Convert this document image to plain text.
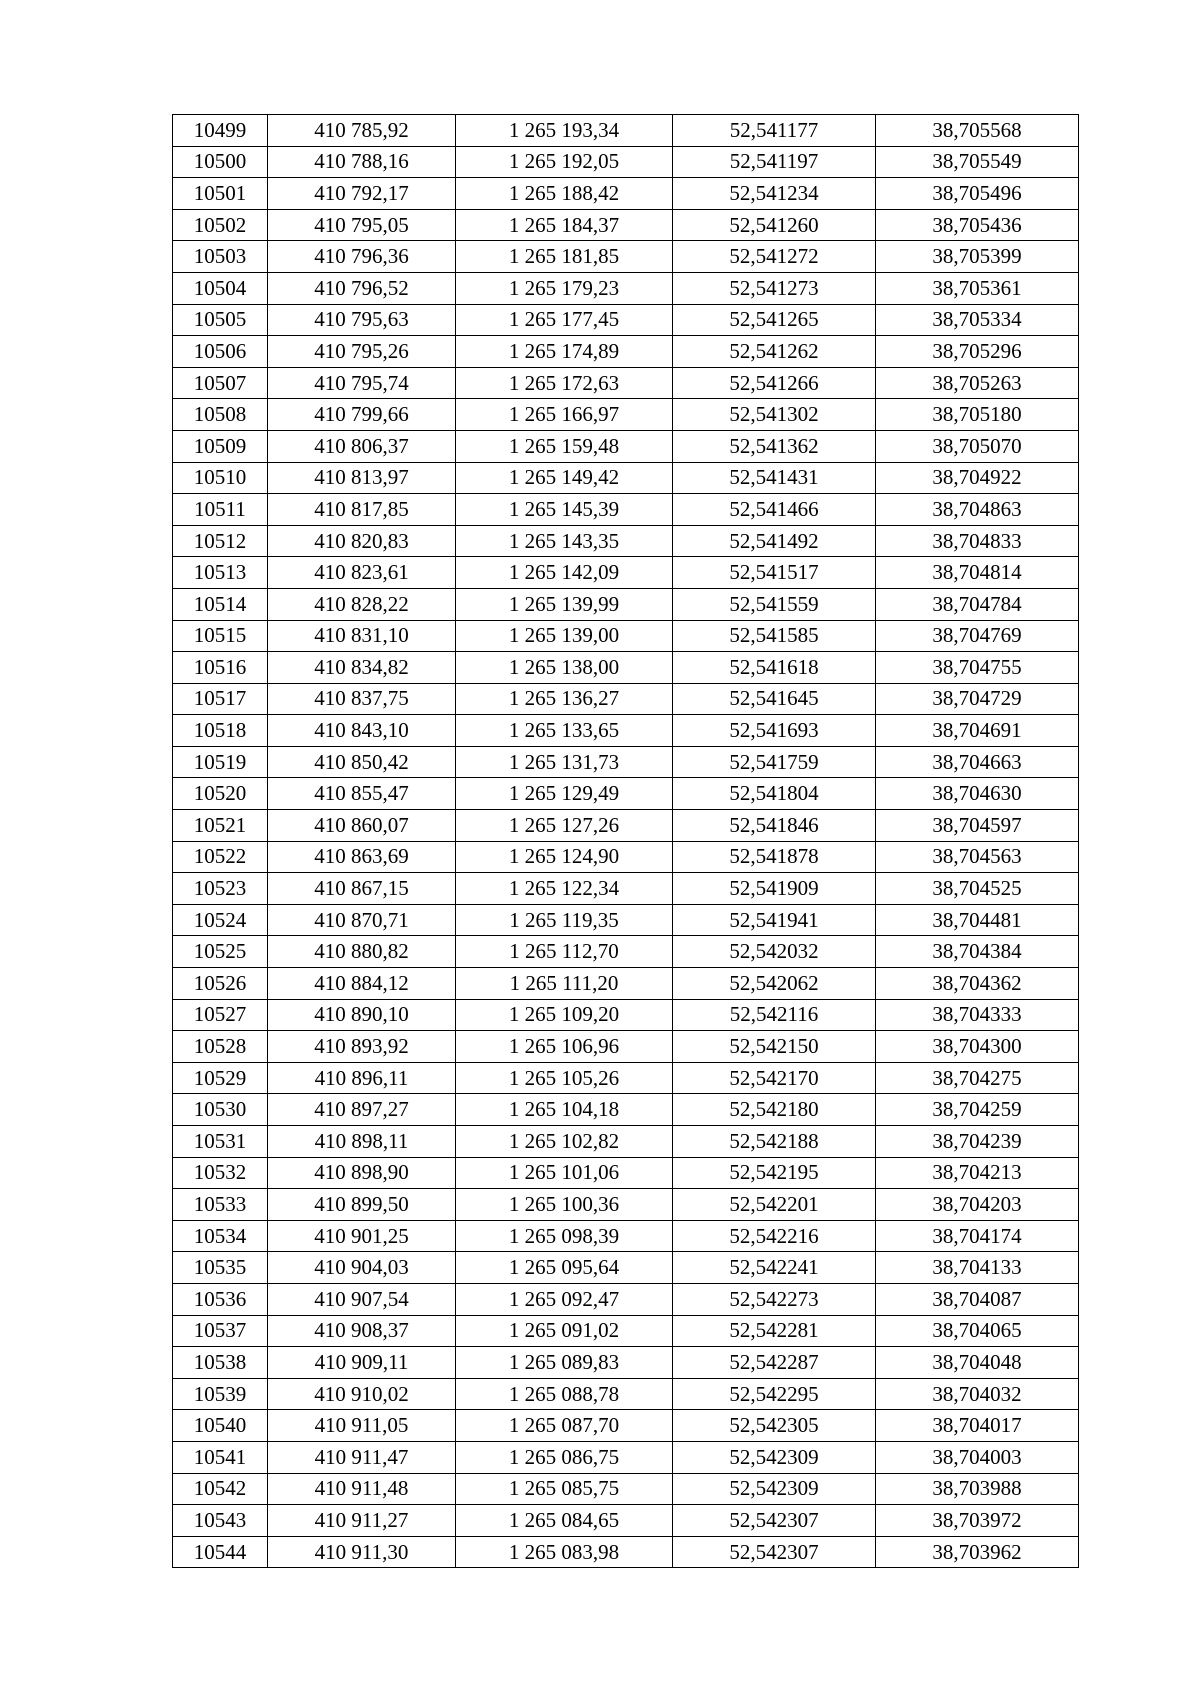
10499	410 785,92	1 265 193,34	52,541177	38,705568
10500	410 788,16	1 265 192,05	52,541197	38,705549
10501	410 792,17	1 265 188,42	52,541234	38,705496
10502	410 795,05	1 265 184,37	52,541260	38,705436
10503	410 796,36	1 265 181,85	52,541272	38,705399
10504	410 796,52	1 265 179,23	52,541273	38,705361
10505	410 795,63	1 265 177,45	52,541265	38,705334
10506	410 795,26	1 265 174,89	52,541262	38,705296
10507	410 795,74	1 265 172,63	52,541266	38,705263
10508	410 799,66	1 265 166,97	52,541302	38,705180
10509	410 806,37	1 265 159,48	52,541362	38,705070
10510	410 813,97	1 265 149,42	52,541431	38,704922
10511	410 817,85	1 265 145,39	52,541466	38,704863
10512	410 820,83	1 265 143,35	52,541492	38,704833
10513	410 823,61	1 265 142,09	52,541517	38,704814
10514	410 828,22	1 265 139,99	52,541559	38,704784
10515	410 831,10	1 265 139,00	52,541585	38,704769
10516	410 834,82	1 265 138,00	52,541618	38,704755
10517	410 837,75	1 265 136,27	52,541645	38,704729
10518	410 843,10	1 265 133,65	52,541693	38,704691
10519	410 850,42	1 265 131,73	52,541759	38,704663
10520	410 855,47	1 265 129,49	52,541804	38,704630
10521	410 860,07	1 265 127,26	52,541846	38,704597
10522	410 863,69	1 265 124,90	52,541878	38,704563
10523	410 867,15	1 265 122,34	52,541909	38,704525
10524	410 870,71	1 265 119,35	52,541941	38,704481
10525	410 880,82	1 265 112,70	52,542032	38,704384
10526	410 884,12	1 265 111,20	52,542062	38,704362
10527	410 890,10	1 265 109,20	52,542116	38,704333
10528	410 893,92	1 265 106,96	52,542150	38,704300
10529	410 896,11	1 265 105,26	52,542170	38,704275
10530	410 897,27	1 265 104,18	52,542180	38,704259
10531	410 898,11	1 265 102,82	52,542188	38,704239
10532	410 898,90	1 265 101,06	52,542195	38,704213
10533	410 899,50	1 265 100,36	52,542201	38,704203
10534	410 901,25	1 265 098,39	52,542216	38,704174
10535	410 904,03	1 265 095,64	52,542241	38,704133
10536	410 907,54	1 265 092,47	52,542273	38,704087
10537	410 908,37	1 265 091,02	52,542281	38,704065
10538	410 909,11	1 265 089,83	52,542287	38,704048
10539	410 910,02	1 265 088,78	52,542295	38,704032
10540	410 911,05	1 265 087,70	52,542305	38,704017
10541	410 911,47	1 265 086,75	52,542309	38,704003
10542	410 911,48	1 265 085,75	52,542309	38,703988
10543	410 911,27	1 265 084,65	52,542307	38,703972
10544	410 911,30	1 265 083,98	52,542307	38,703962
